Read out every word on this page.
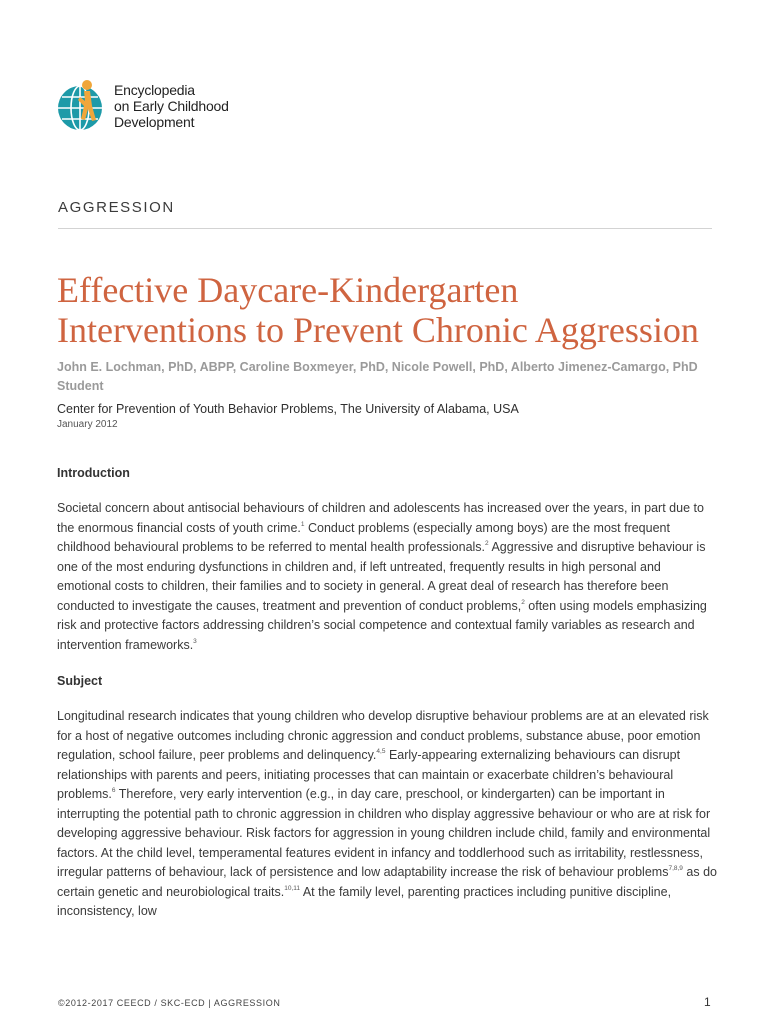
Encyclopedia
on Early Childhood
Development
AGGRESSION
Effective Daycare-Kindergarten
Interventions to Prevent Chronic Aggression
John E. Lochman, PhD, ABPP, Caroline Boxmeyer, PhD, Nicole Powell, PhD, Alberto Jimenez-Camargo, PhD Student
Center for Prevention of Youth Behavior Problems, The University of Alabama, USA
January 2012
Introduction

Societal concern about antisocial behaviours of children and adolescents has increased over the years, in part due to the enormous financial costs of youth crime.$^1$ Conduct problems (especially among boys) are the most frequent childhood behavioural problems to be referred to mental health professionals.$^2$ Aggressive and disruptive behaviour is one of the most enduring dysfunctions in children and, if left untreated, frequently results in high personal and emotional costs to children, their families and to society in general. A great deal of research has therefore been conducted to investigate the causes, treatment and prevention of conduct problems,$^2$ often using models emphasizing risk and protective factors addressing children’s social competence and contextual family variables as research and intervention frameworks.$^3$

Subject

Longitudinal research indicates that young children who develop disruptive behaviour problems are at an elevated risk for a host of negative outcomes including chronic aggression and conduct problems, substance abuse, poor emotion regulation, school failure, peer problems and delinquency.$^{4,5}$ Early-appearing externalizing behaviours can disrupt relationships with parents and peers, initiating processes that can maintain or exacerbate children’s behavioural problems.$^6$ Therefore, very early intervention (e.g., in day care, preschool, or kindergarten) can be important in interrupting the potential path to chronic aggression in children who display aggressive behaviour or who are at risk for developing aggressive behaviour. Risk factors for aggression in young children include child, family and environmental factors. At the child level, temperamental features evident in infancy and toddlerhood such as irritability, restlessness, irregular patterns of behaviour, lack of persistence and low adaptability increase the risk of behaviour problems$^{7,8,9}$ as do certain genetic and neurobiological traits.$^{10,11}$ At the family level, parenting practices including punitive discipline, inconsistency, low

©2012-2017 CEECD / SKC-ECD | AGGRESSION	1
